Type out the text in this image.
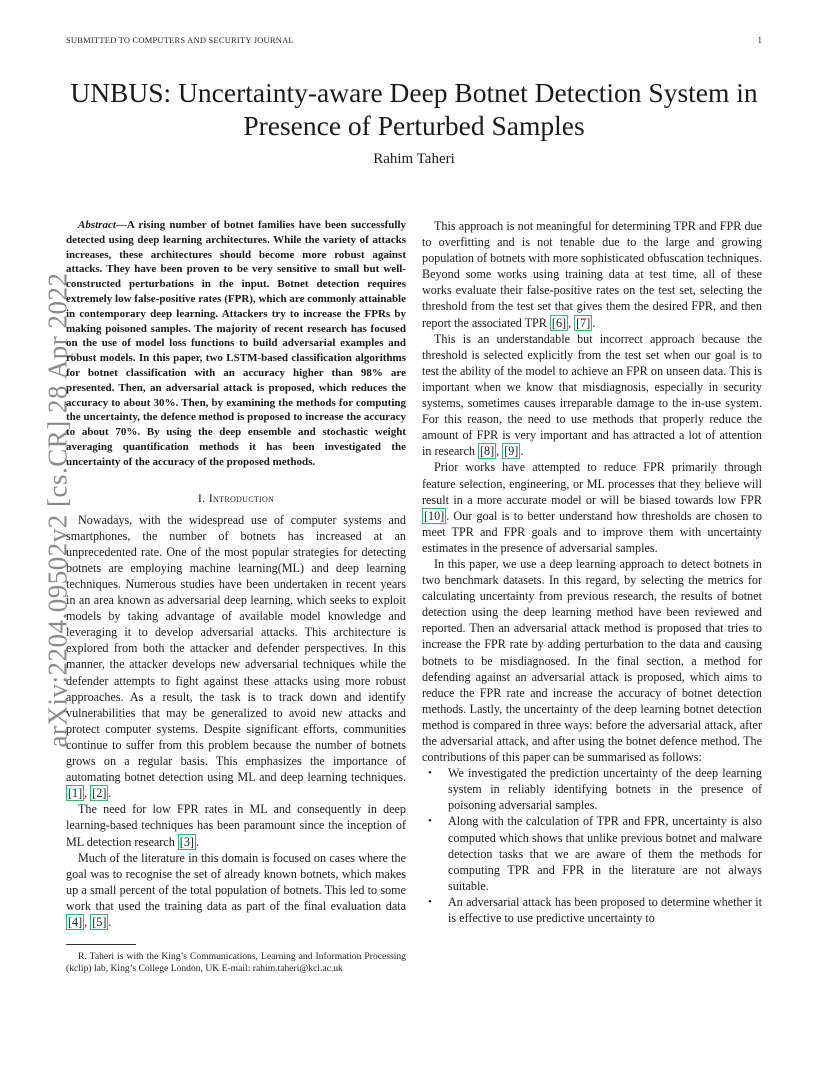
SUBMITTED TO COMPUTERS AND SECURITY JOURNAL	1
arXiv:2204.09502v2 [cs.CR] 28 Apr 2022
UNBUS: Uncertainty-aware Deep Botnet Detection System in Presence of Perturbed Samples
Rahim Taheri

Abstract—A rising number of botnet families have been successfully detected using deep learning architectures. While the variety of attacks increases, these architectures should become more robust against attacks. They have been proven to be very sensitive to small but well-constructed perturbations in the input. Botnet detection requires extremely low false-positive rates (FPR), which are commonly attainable in contemporary deep learning. Attackers try to increase the FPRs by making poisoned samples. The majority of recent research has focused on the use of model loss functions to build adversarial examples and robust models. In this paper, two LSTM-based classification algorithms for botnet classification with an accuracy higher than 98% are presented. Then, an adversarial attack is proposed, which reduces the accuracy to about 30%. Then, by examining the methods for computing the uncertainty, the defence method is proposed to increase the accuracy to about 70%. By using the deep ensemble and stochastic weight averaging quantification methods it has been investigated the uncertainty of the accuracy of the proposed methods.

I. Introduction

Nowadays, with the widespread use of computer systems and smartphones, the number of botnets has increased at an unprecedented rate. One of the most popular strategies for detecting botnets are employing machine learning(ML) and deep learning techniques. Numerous studies have been undertaken in recent years in an area known as adversarial deep learning, which seeks to exploit models by taking advantage of available model knowledge and leveraging it to develop adversarial attacks. This architecture is explored from both the attacker and defender perspectives. In this manner, the attacker develops new adversarial techniques while the defender attempts to fight against these attacks using more robust approaches. As a result, the task is to track down and identify vulnerabilities that may be generalized to avoid new attacks and protect computer systems. Despite significant efforts, communities continue to suffer from this problem because the number of botnets grows on a regular basis. This emphasizes the importance of automating botnet detection using ML and deep learning techniques. [1] , [2] .

The need for low FPR rates in ML and consequently in deep learning-based techniques has been paramount since the inception of ML detection research [3] .

Much of the literature in this domain is focused on cases where the goal was to recognise the set of already known botnets, which makes up a small percent of the total population of botnets. This led to some work that used the training data as part of the final evaluation data [4] , [5] .

R. Taheri is with the King’s Communications, Learning and Information Processing (kclip) lab, King’s College London, UK E-mail: rahim.taheri@kcl.ac.uk

This approach is not meaningful for determining TPR and FPR due to overfitting and is not tenable due to the large and growing population of botnets with more sophisticated obfuscation techniques. Beyond some works using training data at test time, all of these works evaluate their false-positive rates on the test set, selecting the threshold from the test set that gives them the desired FPR, and then report the associated TPR [6] , [7] .

This is an understandable but incorrect approach because the threshold is selected explicitly from the test set when our goal is to test the ability of the model to achieve an FPR on unseen data. This is important when we know that misdiagnosis, especially in security systems, sometimes causes irreparable damage to the in-use system. For this reason, the need to use methods that properly reduce the amount of FPR is very important and has attracted a lot of attention in research [8] , [9] .

Prior works have attempted to reduce FPR primarily through feature selection, engineering, or ML processes that they believe will result in a more accurate model or will be biased towards low FPR [10] . Our goal is to better understand how thresholds are chosen to meet TPR and FPR goals and to improve them with uncertainty estimates in the presence of adversarial samples.

In this paper, we use a deep learning approach to detect botnets in two benchmark datasets. In this regard, by selecting the metrics for calculating uncertainty from previous research, the results of botnet detection using the deep learning method have been reviewed and reported. Then an adversarial attack method is proposed that tries to increase the FPR rate by adding perturbation to the data and causing botnets to be misdiagnosed. In the final section, a method for defending against an adversarial attack is proposed, which aims to reduce the FPR rate and increase the accuracy of botnet detection methods. Lastly, the uncertainty of the deep learning botnet detection method is compared in three ways: before the adversarial attack, after the adversarial attack, and after using the botnet defence method. The contributions of this paper can be summarised as follows:

• We investigated the prediction uncertainty of the deep learning system in reliably identifying botnets in the presence of poisoning adversarial samples.
• Along with the calculation of TPR and FPR, uncertainty is also computed which shows that unlike previous botnet and malware detection tasks that we are aware of them the methods for computing TPR and FPR in the literature are not always suitable.
• An adversarial attack has been proposed to determine whether it is effective to use predictive uncertainty to
